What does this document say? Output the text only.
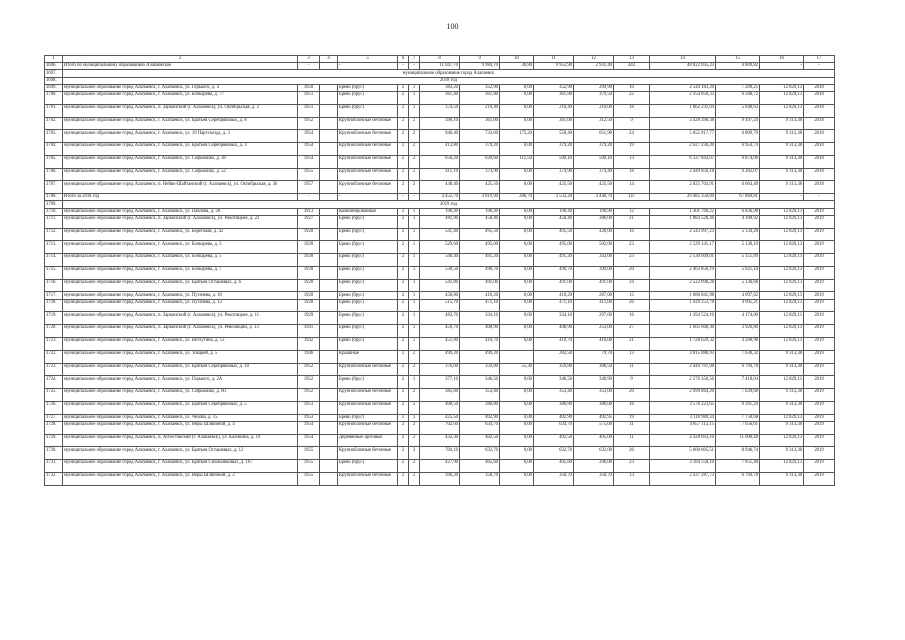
100
1	2	3	4	5	6	7	8	9	10	11	12	13	14	15	16	17
3696.	Итого по муниципальному образованию Алапаевское	-		-	-	-	11 047,70	9 984,70	30,80	9 953,90	2 931,40	443	48 022 695,23	4 809,82	-	-
3697.	муниципальное образование город Алапаевск															
3698.	2018 год															
3699.	муниципальное образование город Алапаевск, г. Алапаевск, ул. Горького, д. 4	1950		Брево (брус)	2	1	383,20	352,90	0,00	352,90	299,90	10	2 544 183,20	7 209,25	12 829,13	2018
3700.	муниципальное образование город Алапаевск, г. Алапаевск, ул. Бочкарева, д. 77	1951		Брево (брус)	2	1	361,40	361,80	0,00	361,80	379,50	22	2 354 858,33	6 508,72	12 829,13	2018
3701.	муниципальное образование город Алапаевск, п. Заркинский (г. Алапаевск), ул. Октябрьская, д. 2	1951		Брево (брус)	2	1	374,50	210,40	0,00	210,40	210,00	18	1 062 231,04	5 048,63	12 829,13	2018
3702.	муниципальное образование город Алапаевск, г. Алапаевск, ул. Братьев Серебряковых, д. 8	1952		Крупноблочные бетонные	2	2	390,10	361,00	0,00	361,00	312,50	9	3 428 390,38	9 497,24	9 313,38	2018
3703.	муниципальное образование город Алапаевск, г. Алапаевск, ул. 19 Партсъезда, д. 3	1954		Крупноблочные бетонные	2	2	940,40	733,60	175,20	558,40	651,90	24	5 055 917,77	6 809,79	9 313,38	2018
3704.	муниципальное образование город Алапаевск, г. Алапаевск, ул. Братьев Серебряковых, д. 3	1954		Крупноблочные бетонные	2	2	413,80	379,20	0,00	379,20	379,20	19	2 627 236,20	6 954,74	9 313,38	2018
3705.	муниципальное образование город Алапаевск, г. Алапаевск, ул. Софьюшко, д. 38	1954		Крупноблочные бетонные	2	2	658,20	620,60	111,50	509,10	509,10	13	6 127 843,07	9 874,06	9 313,38	2018
3706.	муниципальное образование город Алапаевск, г. Алапаевск, ул. Софьюшко, д. 52	1955		Крупноблочные бетонные	2	2	411,10	374,90	0,00	374,90	374,40	18	3 449 856,18	9 202,07	9 313,38	2018
3707.	муниципальное образование город Алапаевск, п. Нейво-Шайтанский (г. Алапаевск), ул. Октябрьская, д. 36	1957		Крупноблочные бетонные	2	2	448,40	425,50	0,00	425,50	425,50	14	2 825 703,91	6 664,40	9 313,38	2018
3708.	Итого за 2018 год	-		-	-	-	4 452,70	3 819,90	286,70	3 533,20	3 440,70	147	29 485 350,69	67 869,81	-	-
3709.	2019 год															
3710.	муниципальное образование город Алапаевск, г. Алапаевск, ул. Павлова, д. 20	1913		Комбинированные	2	1	190,40	190,40	0,00	190,40	190,90	12	1 301 760,22	6 836,98	12 829,13	2019
3711.	муниципальное образование город Алапаевск, п. Заркинский (г. Алапаевск), ул. Рокотицкие, д. 22	1927		Брево (брус)	2	1	481,90	458,40	0,00	458,40	386,00	21	1 883 528,46	4 108,92	12 829,13	2019
3712.	муниципальное образование город Алапаевск, г. Алапаевск, ул. Береговая, д. 42	1928		Брево (брус)	2	1	541,40	495,50	0,00	495,50	430,00	16	2 543 997,23	5 134,20	12 829,13	2019
3713.	муниципальное образование город Алапаевск, г. Алапаевск, ул. Бочкарева, д. 3	1928		Брево (брус)	2	1	529,60	495,00	0,00	495,00	502,00	23	2 529 141,17	5 130,19	12 829,13	2019
3714.	муниципальное образование город Алапаевск, г. Алапаевск, ул. Бочкарева, д. 5	1928		Брево (брус)	2	1	540,40	491,20	0,00	491,20	343,00	23	2 530 609,01	5 151,89	12 829,13	2019
3715.	муниципальное образование город Алапаевск, г. Алапаевск, ул. Бочкарева, д. 7	1928		Брево (брус)	2	1	530,50	490,70	0,00	490,70	399,00	20	2 463 858,19	5 021,10	12 829,13	2019
3716.	муниципальное образование город Алапаевск, г. Алапаевск, ул. Братьев Осташевых, д. 6	1928		Брево (брус)	2	1	541,80	491,00	0,00	491,00	491,00	24	2 522 098,28	5 136,66	12 829,13	2019
3717.	муниципальное образование город Алапаевск, г. Алапаевск, ул. Пугачева, д. 10	1928		Брево (брус)	2	1	458,80	410,20	0,00	410,20	287,00	15	1 680 841,98	4 097,62	12 829,13	2019
3718.	муниципальное образование город Алапаевск, г. Алапаевск, ул. Пугачева, д. 12	1928		Брево (брус)	2	1	515,70	471,10	0,00	471,10	411,00	26	1 929 253,78	4 095,21	12 829,13	2019
3719.	муниципальное образование город Алапаевск, п. Заркинский (г. Алапаевск), ул. Рокотицкие, д. 11	1929		Брево (брус)	2	1	483,70	334,10	0,00	334,10	297,00	16	1 394 524,10	4 174,00	12 829,13	2019
3720.	муниципальное образование город Алапаевск, п. Заркинский (г. Алапаевск), ул. Революции, д. 13	1941		Брево (брус)	2	1	459,70	408,90	0,00	408,90	253,00	27	1 605 668,30	3 926,80	12 829,13	2019
3721.	муниципальное образование город Алапаевск, г. Алапаевск, ул. Ветлугина, д. 12	1942		Брево (брус)	2	1	451,80	410,70	0,00	410,70	410,00	21	1 728 629,32	4 208,98	12 829,13	2019
3722.	муниципальное образование город Алапаевск, г. Алапаевск, ул. Токарей, д. 5	1946		Крышные	2	2	499,20	499,20		282,50	79,70	13	3 815 086,93	7 638,32	9 313,38	2019
3723.	муниципальное образование город Алапаевск, г. Алапаевск, ул. Братьев Серебряковых, д. 10	1952		Крупноблочные бетонные	2	2	376,60	359,80	55,30	359,80	306,50	11	2 444 761,98	6 794,78	9 313,38	2019
3724.	муниципальное образование город Алапаевск, г. Алапаевск, ул. Горького, д. 2А	1952		Брево (брус)	2	1	377,10	346,50	0,00	346,50	346,90	9	2 570 350,56	7 418,04	12 829,13	2019
3725.	муниципальное образование город Алапаевск, г. Алапаевск, ул. Софьюшко, д. 60	1952		Крупноблочные бетонные	2	2	385,60	353,40	0,00	353,40	353,00	20	2 699 864,20	7 639,68	9 313,38	2019
3726.	муниципальное образование город Алапаевск, г. Алапаевск, ул. Братьев Серебряковых, д. 5	1953		Крупноблочные бетонные	2	2	408,50	380,80	0,00	380,80	380,00	16	3 576 223,65	9 391,24	9 313,38	2019
3727.	муниципальное образование город Алапаевск, г. Алапаевск, ул. Чехова, д. 15	1953		Брево (брус)	2	1	425,50	402,90	0,00	402,90	402,95	19	3 118 989,34	7 758,68	12 829,13	2019
3728.	муниципальное образование город Алапаевск, г. Алапаевск, ул. Веры Шляпиной, д. 4	1954		Крупноблочные бетонные	2	2	702,60	634,70	0,00	634,70	575,00	31	4 857 113,15	7 656,61	9 313,38	2019
3729.	муниципальное образование город Алапаевск, п. Асбестовский (г. Алапаевск), ул. Калинина, д. 19	1954		Деревянные щитовые	2	2	432,30	402,50	0,00	402,50	405,00	11	4 428 693,10	11 000,48	12 829,13	2019
3730.	муниципальное образование город Алапаевск, г. Алапаевск, ул. Братьев Осташевых, д. 12	1955		Крупноблочные бетонные	2	2	704,10	632,70	0,00	632,70	632,00	26	5 660 605,51	8 946,74	9 313,38	2019
3731.	муниципальное образование город Алапаевск, г. Алапаевск, ул. Братьев Смольниковых, д. 167	1955		Брево (брус)	2	2	427,90	405,60	0,00	405,60	296,00	23	3 184 558,10	7 851,40	12 829,13	2019
3732.	муниципальное образование город Алапаевск, г. Алапаевск, ул. Веры Шляпиной, д. 2	1955		Крупноблочные бетонные	2	2	396,20	358,70	0,00	358,70	358,70	13	2 437 287,73	6 794,78	9 313,38	2019
